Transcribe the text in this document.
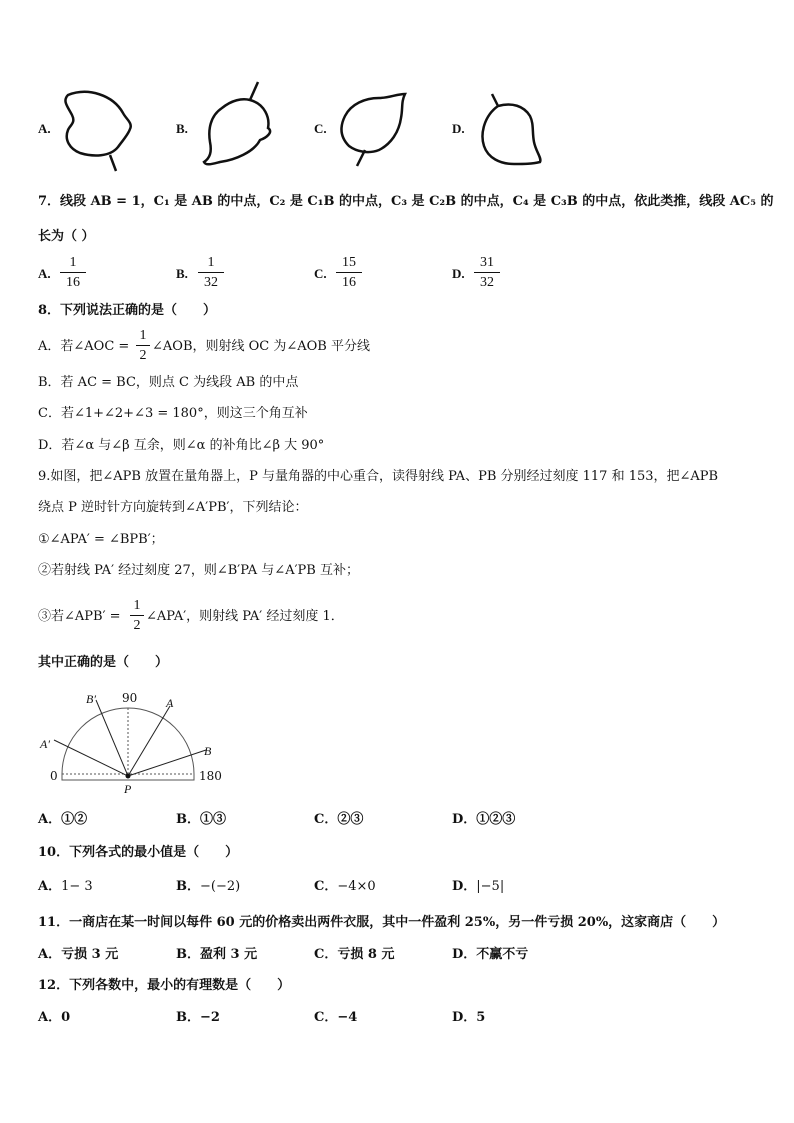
A.	B.	C.	D.
7．线段 AB = 1，C₁ 是 AB 的中点，C₂ 是 C₁B 的中点，C₃ 是 C₂B 的中点，C₄ 是 C₃B 的中点，依此类推，线段 AC₅ 的
长为（ ）
A. $\frac{1}{16}$	B. $\frac{1}{32}$	C. $\frac{15}{16}$	D. $\frac{31}{32}$
8．下列说法正确的是（　　）
A．若∠AOC = $\frac{1}{2}$ ∠AOB，则射线 OC 为∠AOB 平分线
B．若 AC = BC，则点 C 为线段 AB 的中点
C．若∠1+∠2+∠3 = 180°，则这三个角互补
D．若∠α 与∠β 互余，则∠α 的补角比∠β 大 90°
9.如图，把∠APB 放置在量角器上，P 与量角器的中心重合，读得射线 PA、PB 分别经过刻度 117 和 153，把∠APB
绕点 P 逆时针方向旋转到∠A′PB′，下列结论：
①∠APA′ = ∠BPB′；
②若射线 PA′ 经过刻度 27，则∠B′PA 与∠A′PB 互补；
③若∠APB′ = $\frac{1}{2}$ ∠APA′，则射线 PA′ 经过刻度 1．
其中正确的是（　　）
90
0	180
P
A
B
A′
B′
A．①②	B．①③	C．②③	D．①②③
10．下列各式的最小值是（　　）
A．1− 3	B．−(−2)	C．−4×0	D．|−5|
11．一商店在某一时间以每件 60 元的价格卖出两件衣服，其中一件盈利 25%，另一件亏损 20%，这家商店（　　）
A．亏损 3 元	B．盈利 3 元	C．亏损 8 元	D．不赢不亏
12．下列各数中，最小的有理数是（　　）
A．0	B．−2	C．−4	D．5
